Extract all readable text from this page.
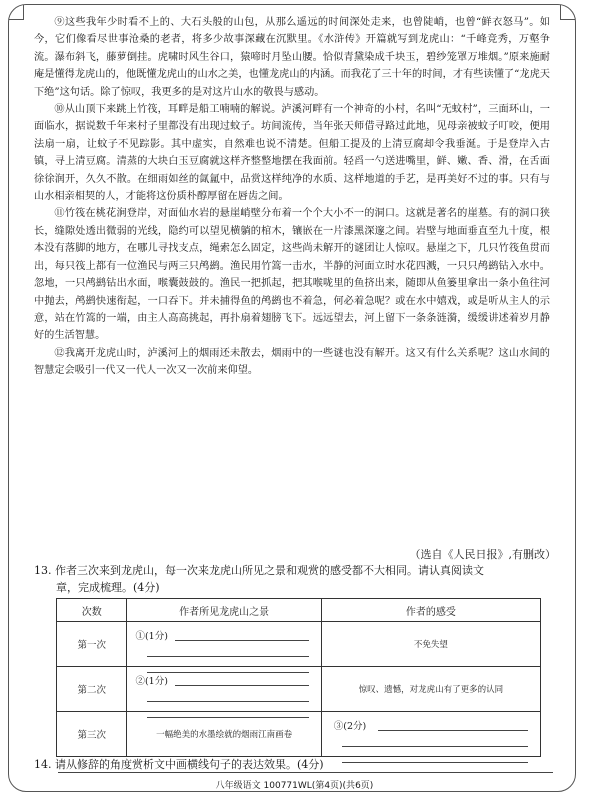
⑨这些我年少时看不上的、大石头般的山包，从那么遥远的时间深处走来，也曾陡峭，也曾“鲜衣怒马”。如今，它们像看尽世事沧桑的老者，将多少故事深藏在沉默里。《水浒传》开篇就写到龙虎山：“千峰竞秀，万壑争流。瀑布斜飞，藤萝倒挂。虎啸时风生谷口，猿啼时月坠山腰。恰似青黛染成千块玉，碧纱笼罩万堆烟。”原来施耐庵是懂得龙虎山的，他既懂龙虎山的山水之美，也懂龙虎山的内涵。而我花了三十年的时间，才有些读懂了“龙虎天下绝”这句话。除了惊叹，我更多的是对这片山水的敬畏与感动。

⑩从山顶下来跳上竹筏，耳畔是船工喃喃的解说。泸溪河畔有一个神奇的小村，名叫“无蚊村”，三面环山，一面临水，据说数千年来村子里都没有出现过蚊子。坊间流传，当年张天师借寻路过此地，见母亲被蚊子叮咬，便用法扇一扇，让蚊子不见踪影。其中虚实，自然难也说不清楚。但船工提及的上清豆腐却令我垂涎。于是登岸入古镇，寻上清豆腐。清蒸的大块白玉豆腐就这样齐整整地摆在我面前。轻舀一勺送进嘴里，鲜、嫩、香、滑，在舌面徐徐润开，久久不散。在细雨如丝的氤氲中，品赏这样纯净的水质、这样地道的手艺，是再美好不过的事。只有与山水相亲相契的人，才能将这份质朴醇厚留在唇齿之间。

⑪竹筏在桃花涧登岸，对面仙水岩的悬崖峭壁分布着一个个大小不一的洞口。这就是著名的崖墓。有的洞口狭长，缝隙处透出微弱的光线，隐约可以望见横躺的棺木，镶嵌在一片漆黑深邃之间。岩壁与地面垂直至九十度，根本没有落脚的地方，在哪儿寻找支点，绳索怎么固定，这些尚未解开的谜团让人惊叹。悬崖之下，几只竹筏鱼贯而出，每只筏上都有一位渔民与两三只鸬鹚。渔民用竹篙一击水，半静的河面立时水花四溅，一只只鸬鹚钻入水中。忽地，一只鸬鹚钻出水面，喉囊鼓鼓的。渔民一把抓起，把其喉咙里的鱼挤出来，随即从鱼篓里拿出一条小鱼往河中抛去，鸬鹚快速衔起，一口吞下。并未捕得鱼的鸬鹚也不着急，何必着急呢？或在水中嬉戏，或是听从主人的示意，站在竹篙的一端，由主人高高挑起，再扑扇着翅膀飞下。远远望去，河上留下一条条涟漪，缓缓讲述着岁月静好的生活智慧。

⑫我离开龙虎山时，泸溪河上的烟雨还未散去，烟雨中的一些谜也没有解开。这又有什么关系呢？这山水间的智慧定会吸引一代又一代人一次又一次前来仰望。

（选自《人民日报》,有删改）
13. 作者三次来到龙虎山，每一次来龙虎山所见之景和观赏的感受都不大相同。请认真阅读文
章，完成梳理。(4分)
次数	作者所见龙虎山之景	作者的感受
第一次	①(1分)	不免失望
第二次	②(1分)	惊叹、遗憾，对龙虎山有了更多的认同
第三次	一幅绝美的水墨绘就的烟雨江南画卷	③(2分)
14. 请从修辞的角度赏析文中画横线句子的表达效果。(4分)
八年级语文 100771WL(第4页)(共6页)
